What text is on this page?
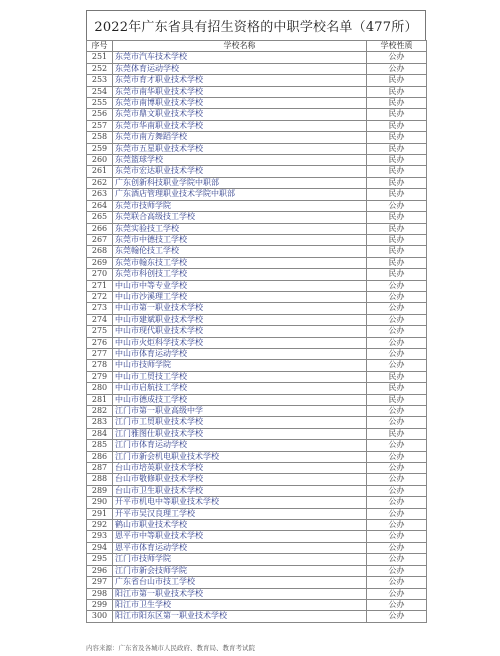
2022年广东省具有招生资格的中职学校名单（477所）
序号	学校名称	学校性质
251	东莞市汽车技术学校	公办
252	东莞体育运动学校	公办
253	东莞市育才职业技术学校	民办
254	东莞市南华职业技术学校	民办
255	东莞市南博职业技术学校	民办
256	东莞市鼎文职业技术学校	民办
257	东莞市华南职业技术学校	民办
258	东莞市南方舞蹈学校	民办
259	东莞市五星职业技术学校	民办
260	东莞篮球学校	民办
261	东莞市宏达职业技术学校	民办
262	广东创新科技职业学院中职部	民办
263	广东酒店管理职业技术学院中职部	民办
264	东莞市技师学院	公办
265	东莞联合高级技工学校	民办
266	东莞实验技工学校	民办
267	东莞市中德技工学校	民办
268	东莞翰伦技工学校	民办
269	东莞市翰东技工学校	民办
270	东莞市科创技工学校	民办
271	中山市中等专业学校	公办
272	中山市沙溪理工学校	公办
273	中山市第一职业技术学校	公办
274	中山市建斌职业技术学校	公办
275	中山市现代职业技术学校	公办
276	中山市火炬科学技术学校	公办
277	中山市体育运动学校	公办
278	中山市技师学院	公办
279	中山市工贸技工学校	民办
280	中山市启航技工学校	民办
281	中山市德成技工学校	民办
282	江门市第一职业高级中学	公办
283	江门市工贸职业技术学校	公办
284	江门雅图仕职业技术学校	民办
285	江门市体育运动学校	公办
286	江门市新会机电职业技术学校	公办
287	台山市培英职业技术学校	公办
288	台山市敬修职业技术学校	公办
289	台山市卫生职业技术学校	公办
290	开平市机电中等职业技术学校	公办
291	开平市吴汉良理工学校	公办
292	鹤山市职业技术学校	公办
293	恩平市中等职业技术学校	公办
294	恩平市体育运动学校	公办
295	江门市技师学院	公办
296	江门市新会技师学院	公办
297	广东省台山市技工学校	公办
298	阳江市第一职业技术学校	公办
299	阳江市卫生学校	公办
300	阳江市阳东区第一职业技术学校	公办
内容来源：广东省及各城市人民政府、教育局、教育考试院
